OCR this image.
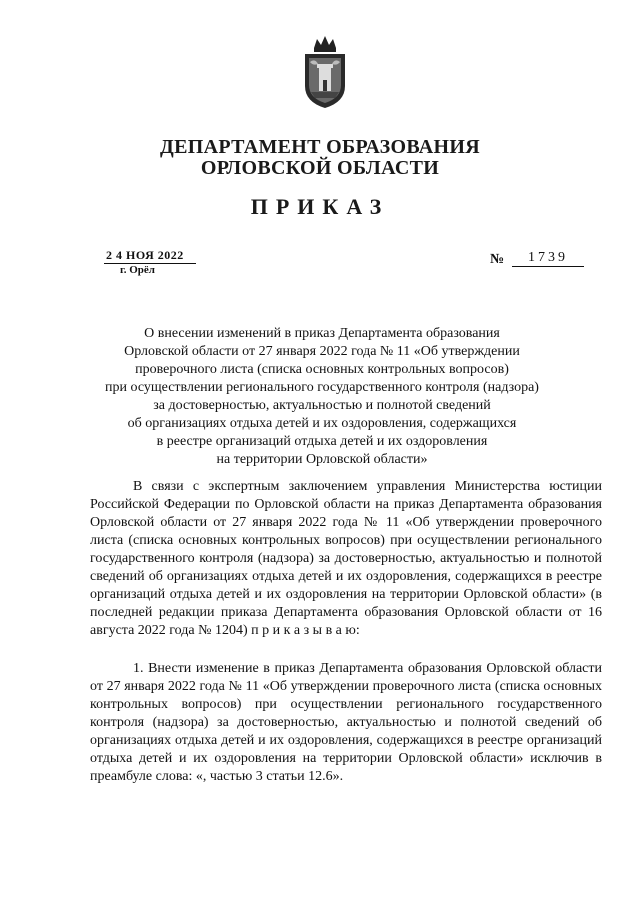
ДЕПАРТАМЕНТ ОБРАЗОВАНИЯ
ОРЛОВСКОЙ ОБЛАСТИ
ПРИКАЗ
2 4 НОЯ 2022
г. Орёл
№	1739
О внесении изменений в приказ Департамента образования
Орловской области от 27 января 2022 года № 11 «Об утверждении
проверочного листа (списка основных контрольных вопросов)
при осуществлении регионального государственного контроля (надзора)
за достоверностью, актуальностью и полнотой сведений
об организациях отдыха детей и их оздоровления, содержащихся
в реестре организаций отдыха детей и их оздоровления
на территории Орловской области»
В связи с экспертным заключением управления Министерства юстиции Российской Федерации по Орловской области на приказ Департамента образования Орловской области от 27 января 2022 года № 11 «Об утверждении проверочного листа (списка основных контрольных вопросов) при осуществлении регионального государственного контроля (надзора) за достоверностью, актуальностью и полнотой сведений об организациях отдыха детей и их оздоровления, содержащихся в реестре организаций отдыха детей и их оздоровления на территории Орловской области» (в последней редакции приказа Департамента образования Орловской области от 16 августа 2022 года № 1204) п р и к а з ы в а ю:
1. Внести изменение в приказ Департамента образования Орловской области от 27 января 2022 года № 11 «Об утверждении проверочного листа (списка основных контрольных вопросов) при осуществлении регионального государственного контроля (надзора) за достоверностью, актуальностью и полнотой сведений об организациях отдыха детей и их оздоровления, содержащихся в реестре организаций отдыха детей и их оздоровления на территории Орловской области» исключив в преамбуле слова: «, частью 3 статьи 12.6».
